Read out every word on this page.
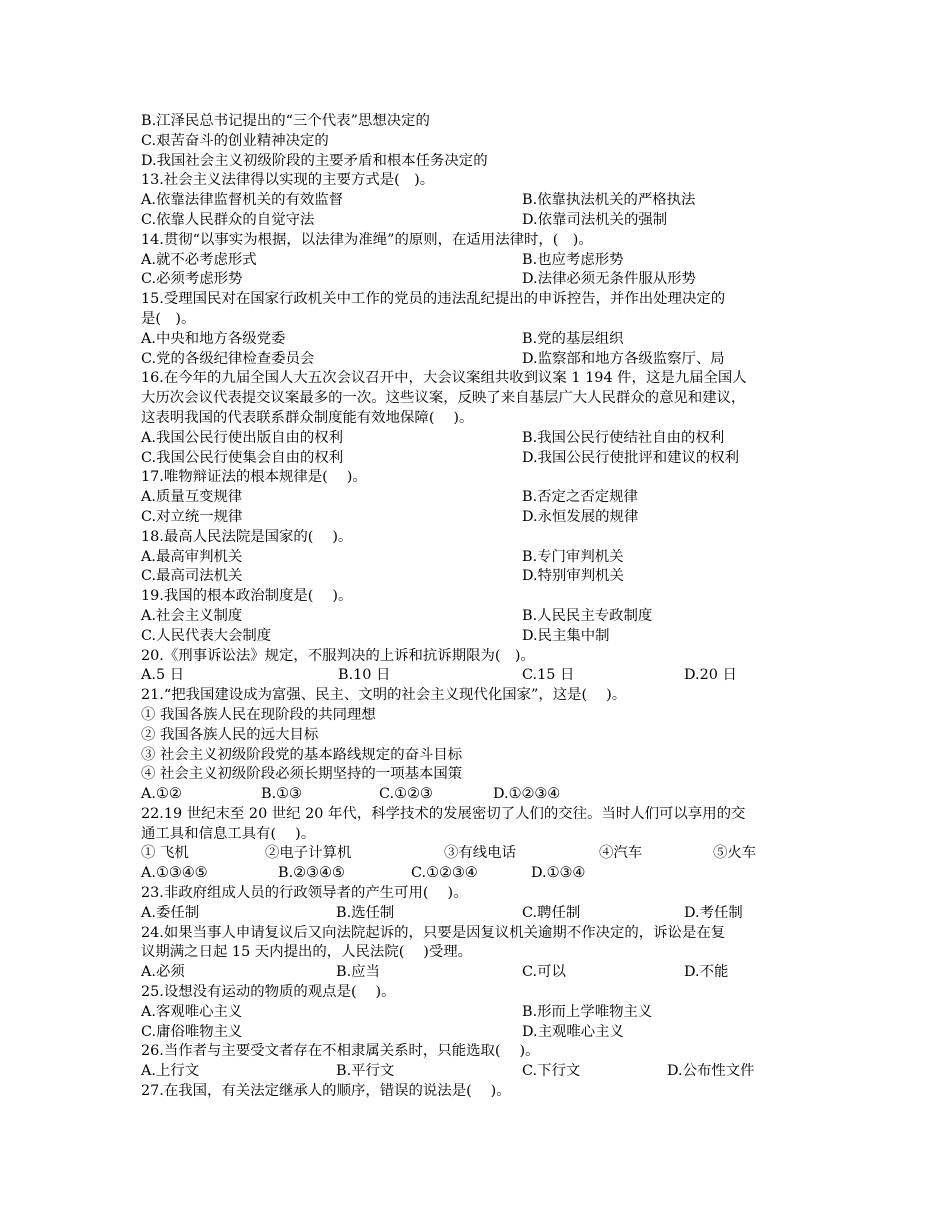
B.江泽民总书记提出的“三个代表”思想决定的
C.艰苦奋斗的创业精神决定的
D.我国社会主义初级阶段的主要矛盾和根本任务决定的
13.社会主义法律得以实现的主要方式是(　)。
A.依靠法律监督机关的有效监督	B.依靠执法机关的严格执法
C.依靠人民群众的自觉守法	D.依靠司法机关的强制
14.贯彻“以事实为根据，以法律为准绳”的原则，在适用法律时，(　)。
A.就不必考虑形式	B.也应考虑形势
C.必须考虑形势	D.法律必须无条件服从形势
15.受理国民对在国家行政机关中工作的党员的违法乱纪提出的申诉控告，并作出处理决定的
是(　)。
A.中央和地方各级党委	B.党的基层组织
C.党的各级纪律检查委员会	D.监察部和地方各级监察厅、局
16.在今年的九届全国人大五次会议召开中，大会议案组共收到议案 1 194 件，这是九届全国人
大历次会议代表提交议案最多的一次。这些议案，反映了来自基层广大人民群众的意见和建议，
这表明我国的代表联系群众制度能有效地保障(　 )。
A.我国公民行使出版自由的权利	B.我国公民行使结社自由的权利
C.我国公民行使集会自由的权利	D.我国公民行使批评和建议的权利
17.唯物辩证法的根本规律是(　 )。
A.质量互变规律	B.否定之否定规律
C.对立统一规律	D.永恒发展的规律
18.最高人民法院是国家的(　 )。
A.最高审判机关	B.专门审判机关
C.最高司法机关	D.特别审判机关
19.我国的根本政治制度是(　 )。
A.社会主义制度	B.人民民主专政制度
C.人民代表大会制度	D.民主集中制
20.《刑事诉讼法》规定，不服判决的上诉和抗诉期限为(　)。
A.5 日	B.10 日	C.15 日	D.20 日
21.“把我国建设成为富强、民主、文明的社会主义现代化国家”，这是(　 )。
① 我国各族人民在现阶段的共同理想
② 我国各族人民的远大目标
③ 社会主义初级阶段党的基本路线规定的奋斗目标
④ 社会主义初级阶段必须长期坚持的一项基本国策
A.①②	B.①③	C.①②③	D.①②③④
22.19 世纪末至 20 世纪 20 年代，科学技术的发展密切了人们的交往。当时人们可以享用的交
通工具和信息工具有(　 )。
① 飞机	②电子计算机	③有线电话	④汽车	⑤火车
A.①③④⑤	B.②③④⑤	C.①②③④	D.①③④
23.非政府组成人员的行政领导者的产生可用(　 )。
A.委任制	B.选任制	C.聘任制	D.考任制
24.如果当事人申请复议后又向法院起诉的，只要是因复议机关逾期不作决定的，诉讼是在复
议期满之日起 15 天内提出的，人民法院(　 )受理。
A.必须	B.应当	C.可以	D.不能
25.设想没有运动的物质的观点是(　 )。
A.客观唯心主义	B.形而上学唯物主义
C.庸俗唯物主义	D.主观唯心主义
26.当作者与主要受文者存在不相隶属关系时，只能选取(　 )。
A.上行文	B.平行文	C.下行文	D.公布性文件
27.在我国，有关法定继承人的顺序，错误的说法是(　 )。
